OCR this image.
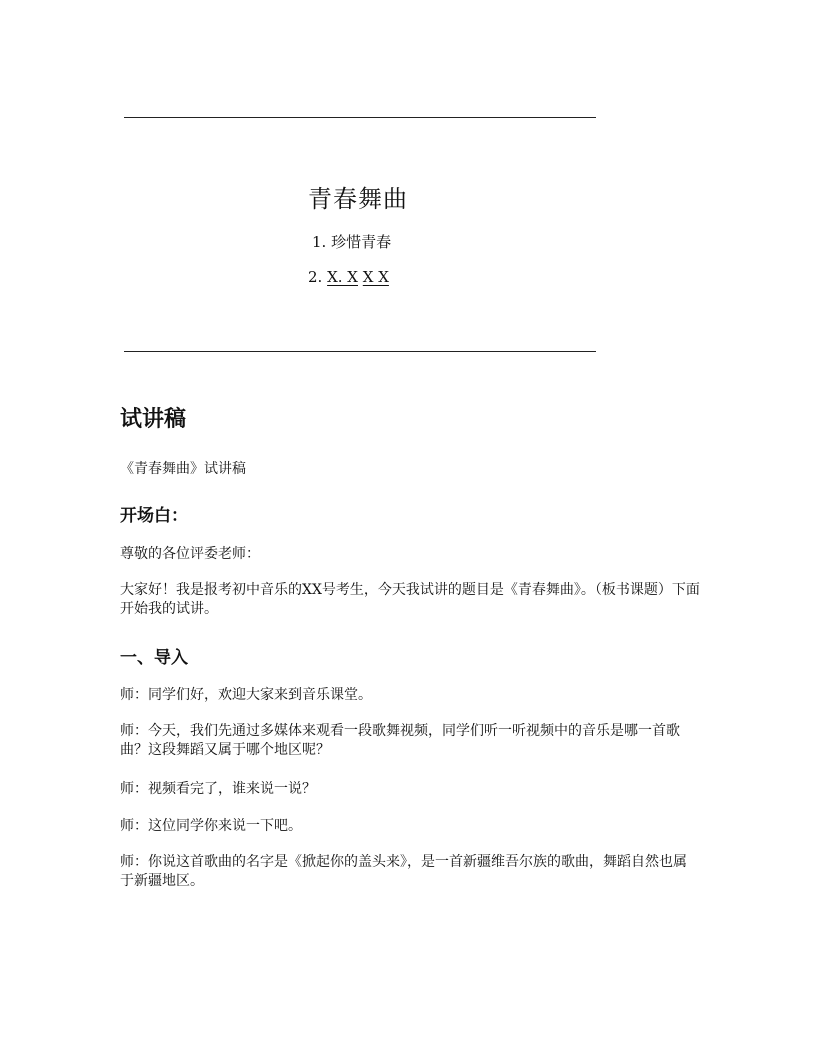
青春舞曲
1. 珍惜青春
2. X. X X X
试讲稿

《青春舞曲》试讲稿

开场白：

尊敬的各位评委老师：

大家好！我是报考初中音乐的XX号考生，今天我试讲的题目是《青春舞曲》。（板书课题）下面开始我的试讲。

一、导入

师：同学们好，欢迎大家来到音乐课堂。

师：今天，我们先通过多媒体来观看一段歌舞视频，同学们听一听视频中的音乐是哪一首歌曲？这段舞蹈又属于哪个地区呢？

师：视频看完了，谁来说一说？

师：这位同学你来说一下吧。

师：你说这首歌曲的名字是《掀起你的盖头来》，是一首新疆维吾尔族的歌曲，舞蹈自然也属于新疆地区。
